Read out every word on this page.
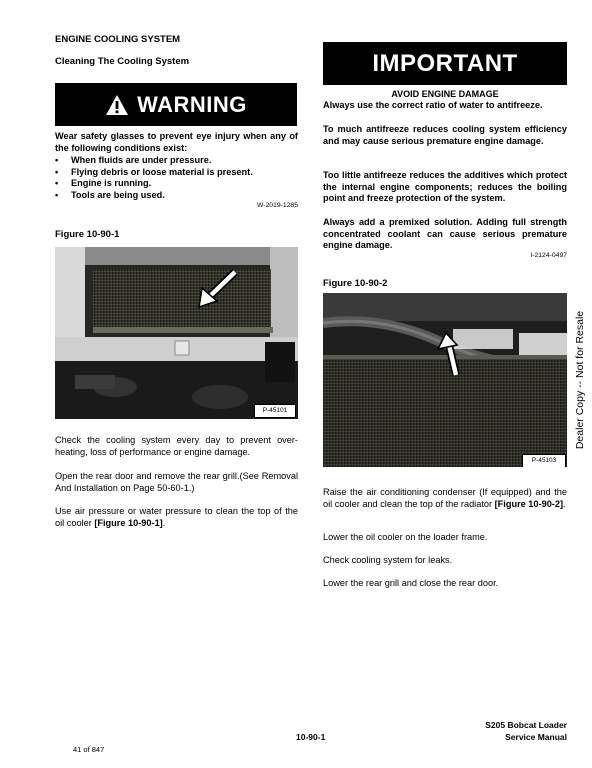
ENGINE COOLING SYSTEM
Cleaning The Cooling System
WARNING
Wear safety glasses to prevent eye injury when any of the following conditions exist:
• When fluids are under pressure.
• Flying debris or loose material is present.
• Engine is running.
• Tools are being used.
W-2019-1285
Figure 10-90-1
P-45101
Check the cooling system every day to prevent over-heating, loss of performance or engine damage.
Open the rear door and remove the rear grill.(See Removal And Installation on Page 50-60-1.)
Use air pressure or water pressure to clean the top of the oil cooler [Figure 10-90-1].
IMPORTANT
AVOID ENGINE DAMAGE
Always use the correct ratio of water to antifreeze.
To much antifreeze reduces cooling system efficiency and may cause serious premature engine damage.
Too little antifreeze reduces the additives which protect the internal engine components; reduces the boiling point and freeze protection of the system.
Always add a premixed solution. Adding full strength concentrated coolant can cause serious premature engine damage.
I-2124-0497
Figure 10-90-2
P-45103
Raise the air conditioning condenser (If equipped) and the oil cooler and clean the top of the radiator [Figure 10-90-2].
Lower the oil cooler on the loader frame.
Check cooling system for leaks.
Lower the rear grill and close the rear door.
Dealer Copy -- Not for Resale
41 of 847
10-90-1
S205 Bobcat Loader
Service Manual
